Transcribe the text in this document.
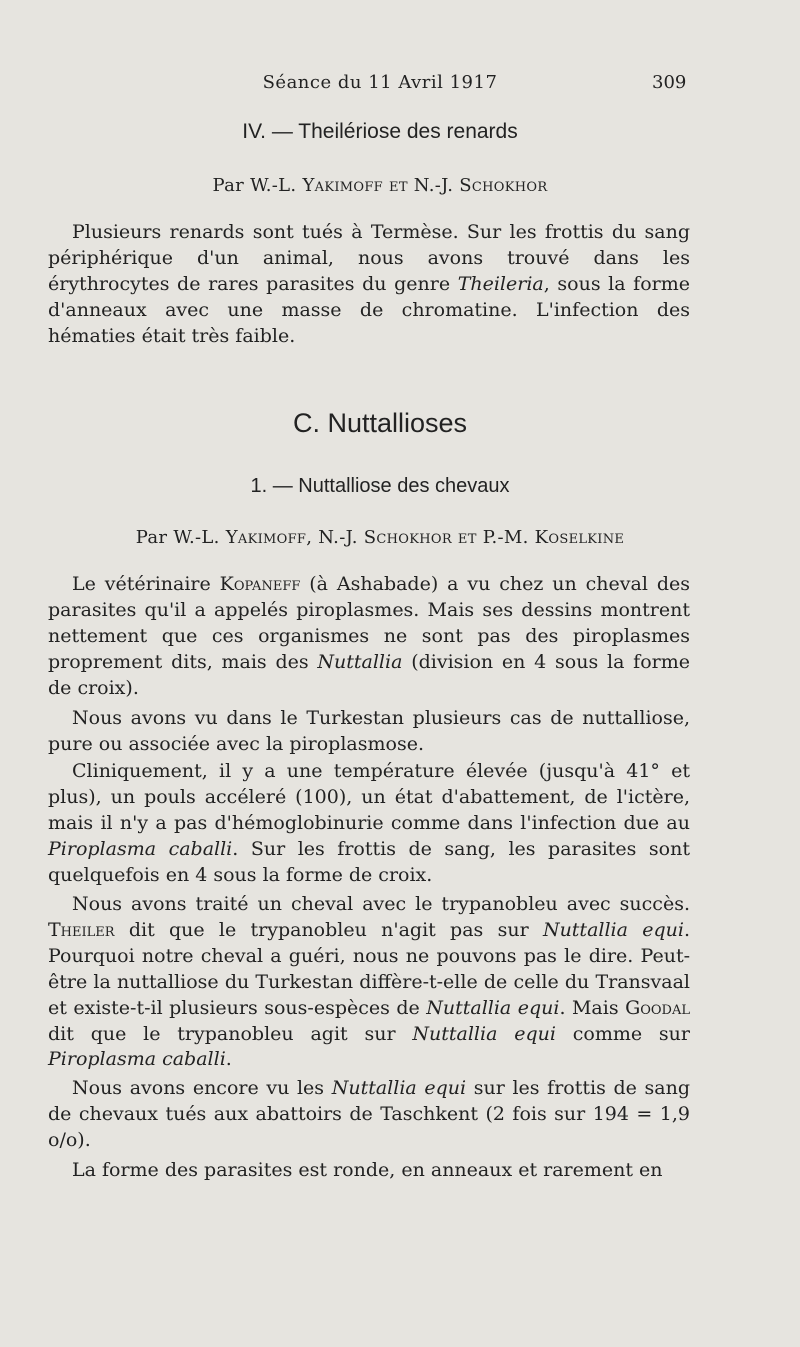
Séance du 11 Avril 1917	309
IV. — Theilériose des renards
Par W.-L. Yakimoff et N.-J. Schokhor
Plusieurs renards sont tués à Termèse. Sur les frottis du sang périphérique d'un animal, nous avons trouvé dans les érythrocytes de rares parasites du genre Theileria, sous la forme d'anneaux avec une masse de chromatine. L'infection des hématies était très faible.
C. Nuttallioses
1. — Nuttalliose des chevaux
Par W.-L. Yakimoff, N.-J. Schokhor et P.-M. Koselkine
Le vétérinaire Kopaneff (à Ashabade) a vu chez un cheval des parasites qu'il a appelés piroplasmes. Mais ses dessins montrent nettement que ces organismes ne sont pas des piroplasmes proprement dits, mais des Nuttallia (division en 4 sous la forme de croix).
Nous avons vu dans le Turkestan plusieurs cas de nuttalliose, pure ou associée avec la piroplasmose.
Cliniquement, il y a une température élevée (jusqu'à 41° et plus), un pouls accéleré (100), un état d'abattement, de l'ictère, mais il n'y a pas d'hémoglobinurie comme dans l'infection due au Piroplasma caballi. Sur les frottis de sang, les parasites sont quelquefois en 4 sous la forme de croix.
Nous avons traité un cheval avec le trypanobleu avec succès. Theiler dit que le trypanobleu n'agit pas sur Nuttallia equi. Pourquoi notre cheval a guéri, nous ne pouvons pas le dire. Peut-être la nuttalliose du Turkestan diffère-t-elle de celle du Transvaal et existe-t-il plusieurs sous-espèces de Nuttallia equi. Mais Goodal dit que le trypanobleu agit sur Nuttallia equi comme sur Piroplasma caballi.
Nous avons encore vu les Nuttallia equi sur les frottis de sang de chevaux tués aux abattoirs de Taschkent (2 fois sur 194 = 1,9 o/o).
La forme des parasites est ronde, en anneaux et rarement en
